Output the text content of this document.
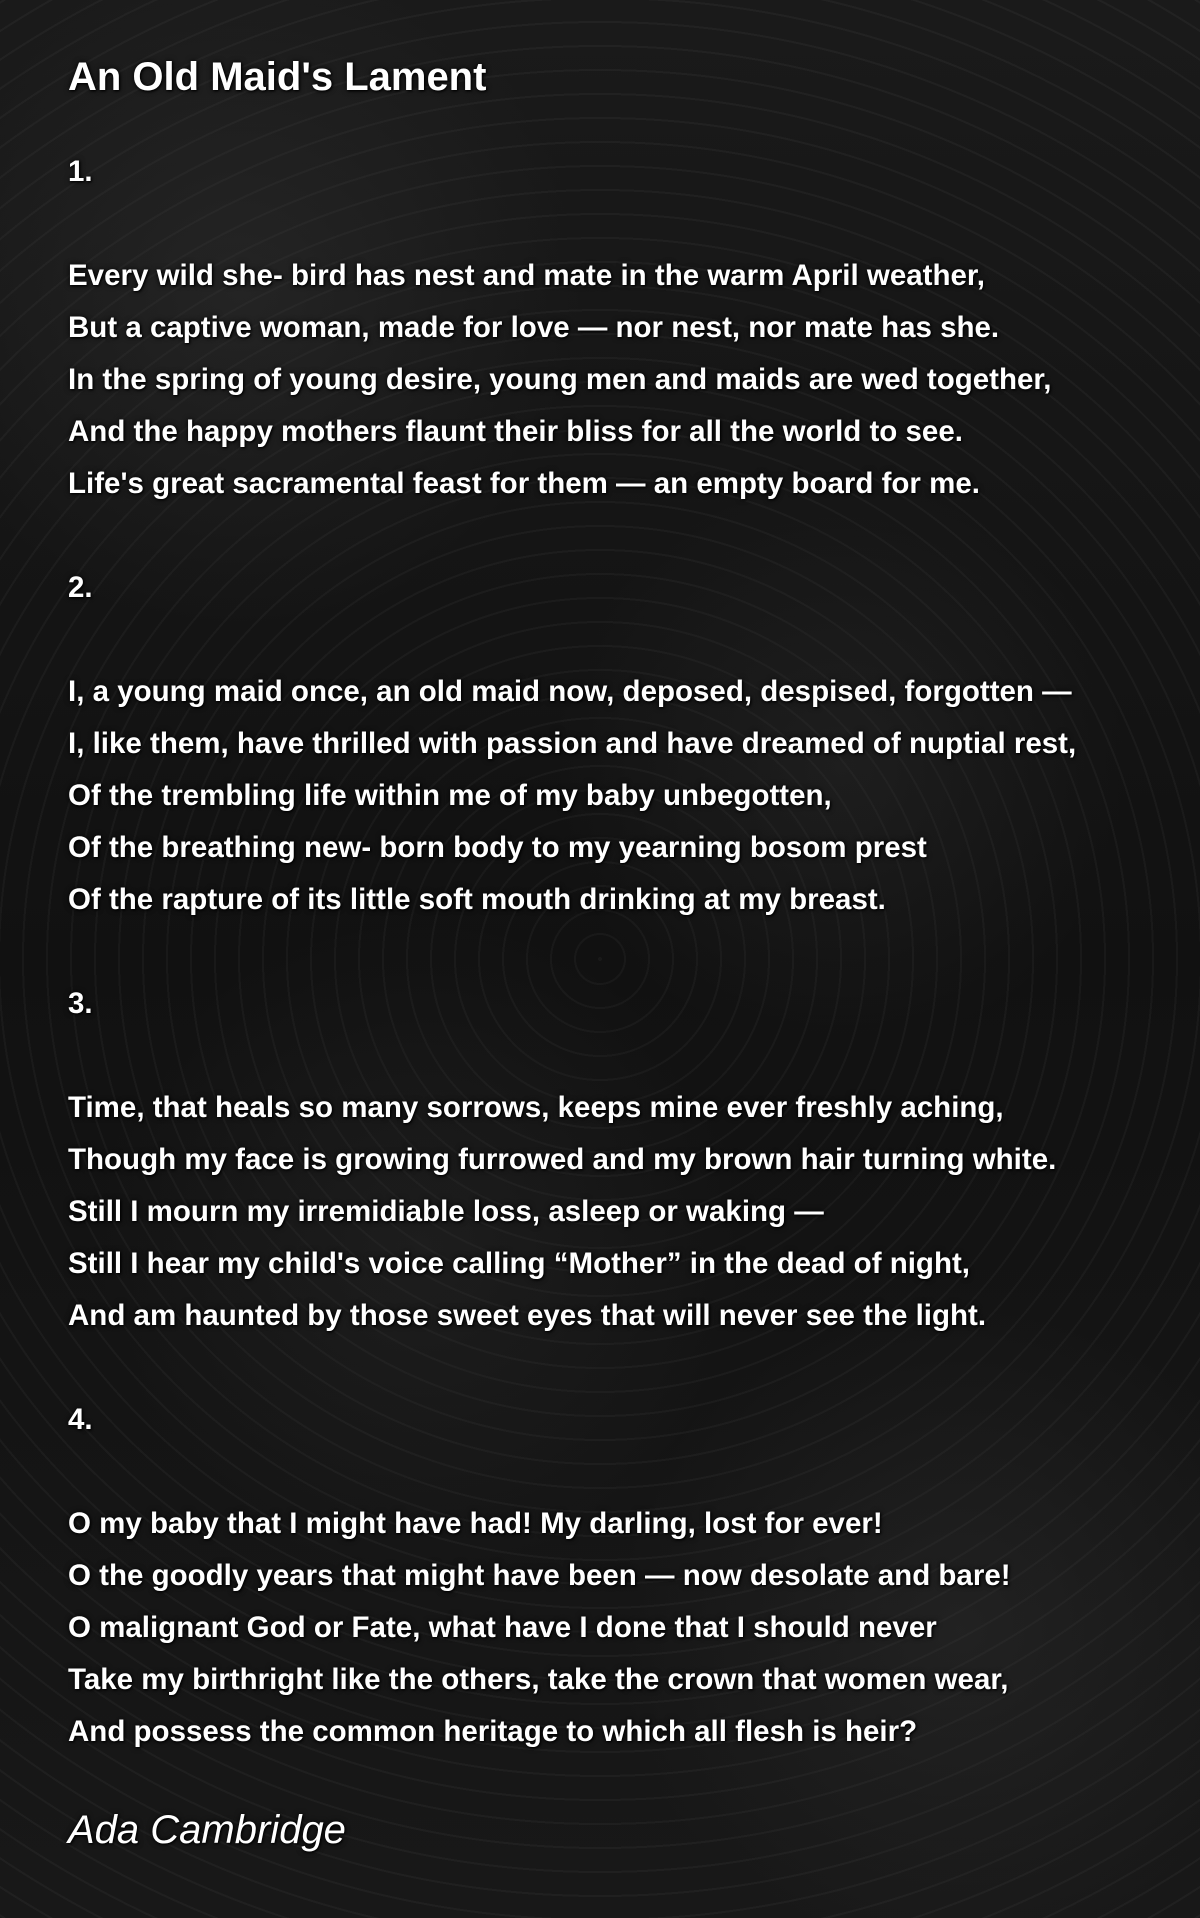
An Old Maid's Lament
1.
Every wild she- bird has nest and mate in the warm April weather,
But a captive woman, made for love — nor nest, nor mate has she.
In the spring of young desire, young men and maids are wed together,
And the happy mothers flaunt their bliss for all the world to see.
Life's great sacramental feast for them — an empty board for me.
2.
I, a young maid once, an old maid now, deposed, despised, forgotten —
I, like them, have thrilled with passion and have dreamed of nuptial rest,
Of the trembling life within me of my baby unbegotten,
Of the breathing new- born body to my yearning bosom prest
Of the rapture of its little soft mouth drinking at my breast.
3.
Time, that heals so many sorrows, keeps mine ever freshly aching,
Though my face is growing furrowed and my brown hair turning white.
Still I mourn my irremidiable loss, asleep or waking —
Still I hear my child's voice calling “Mother” in the dead of night,
And am haunted by those sweet eyes that will never see the light.
4.
O my baby that I might have had! My darling, lost for ever!
O the goodly years that might have been — now desolate and bare!
O malignant God or Fate, what have I done that I should never
Take my birthright like the others, take the crown that women wear,
And possess the common heritage to which all flesh is heir?
Ada Cambridge
